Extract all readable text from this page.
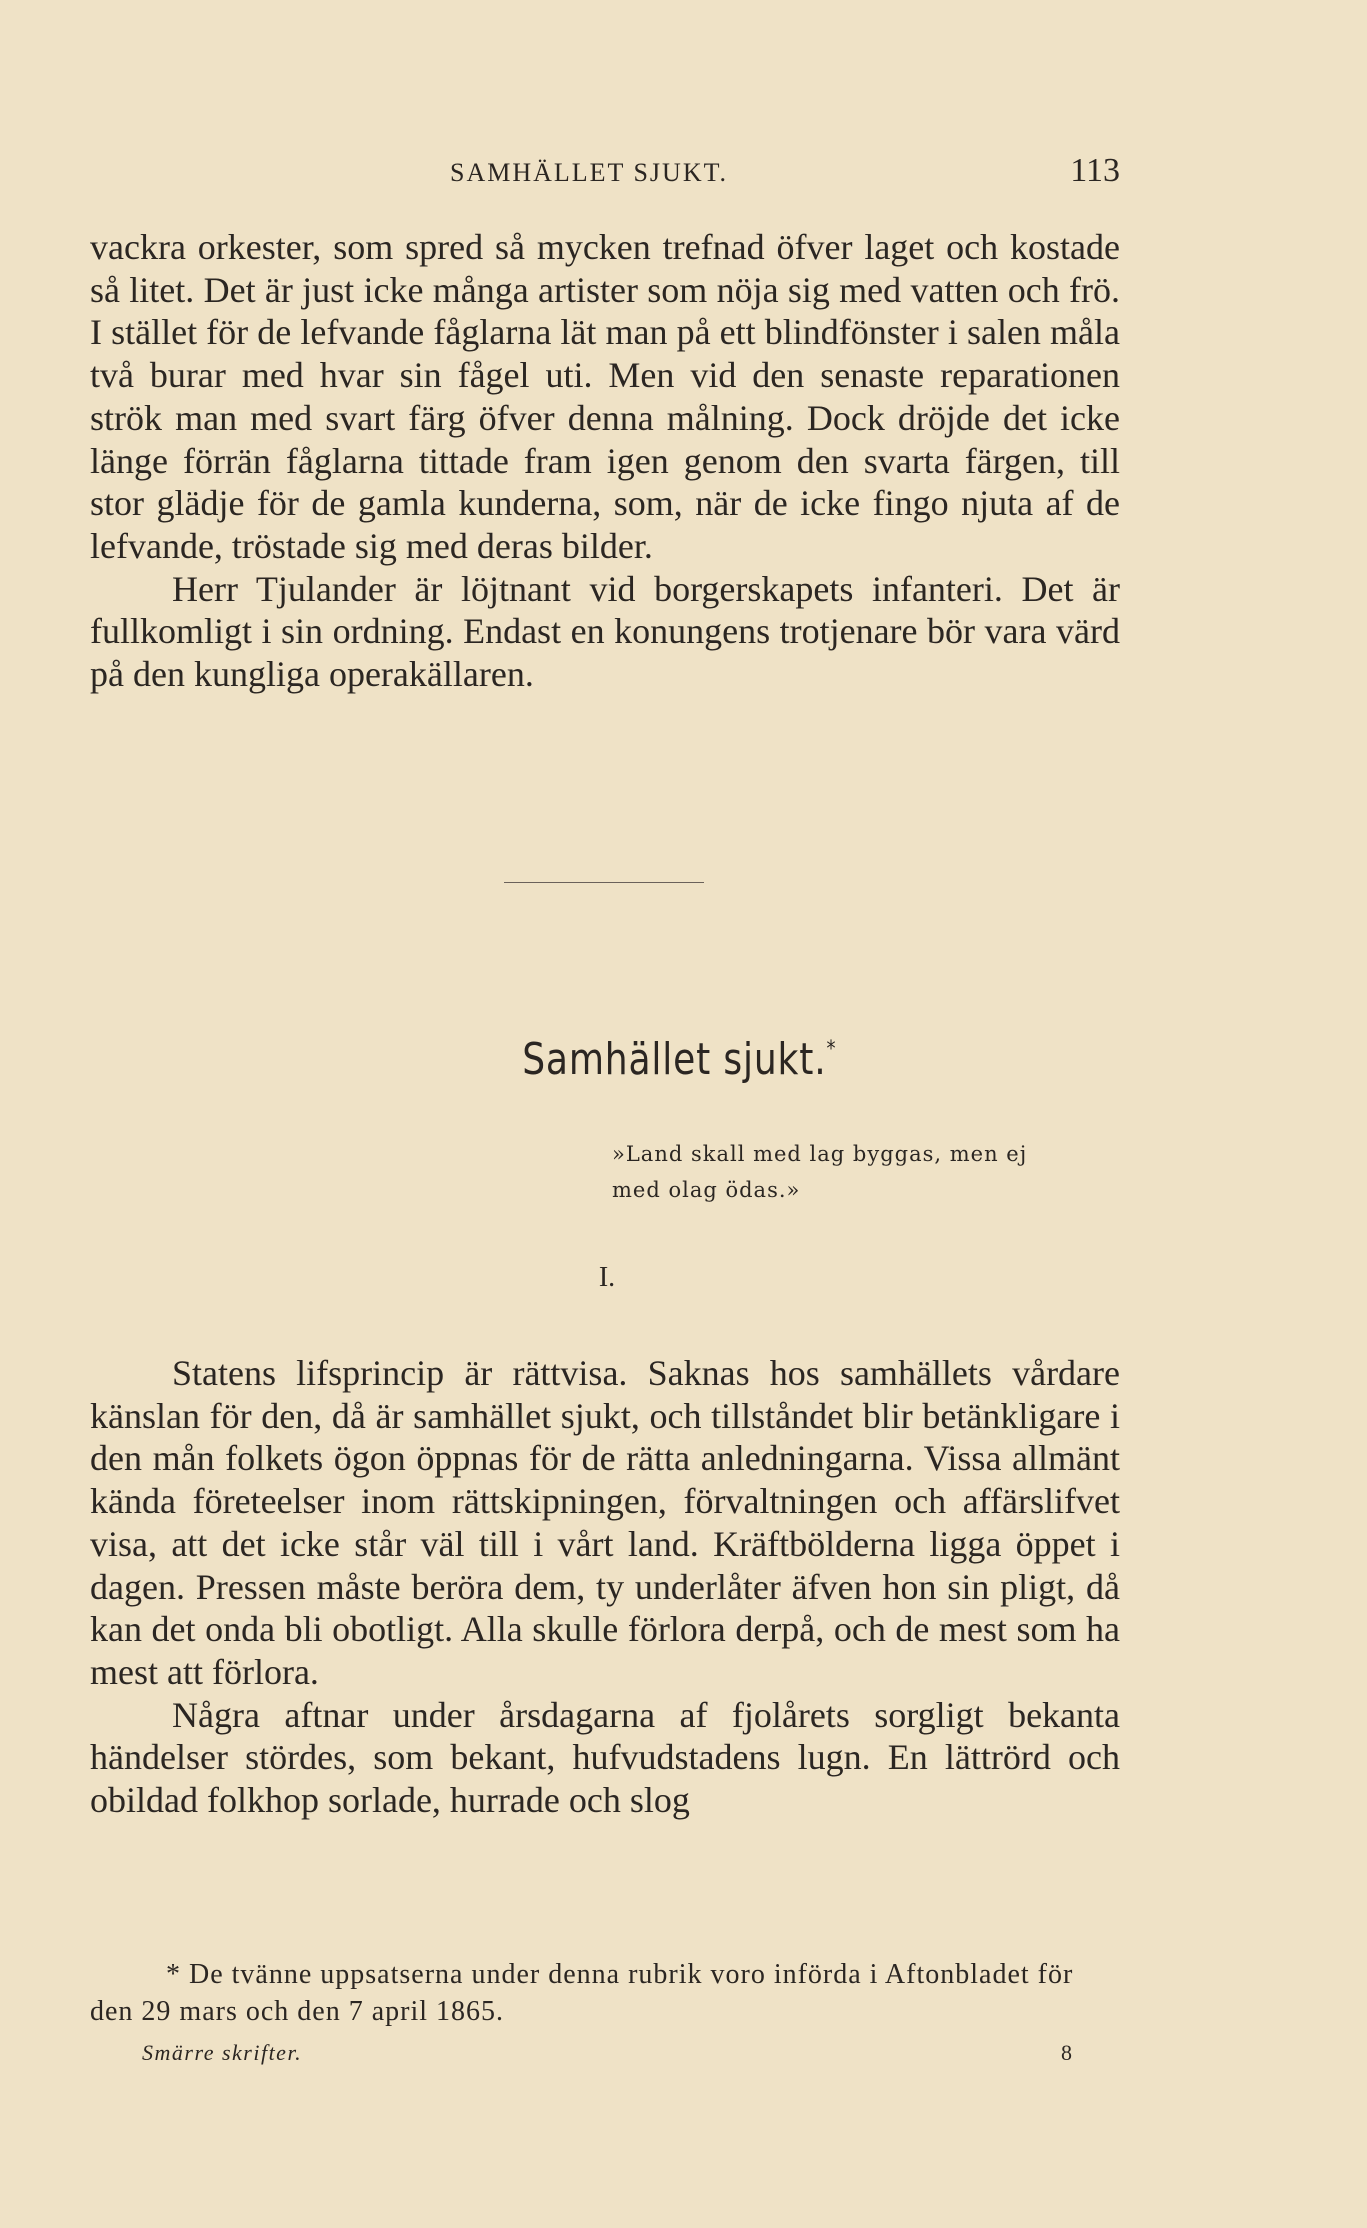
SAMHÄLLET SJUKT.	113

vackra orkester, som spred så mycken trefnad öfver laget och kostade så litet. Det är just icke många artister som nöja sig med vatten och frö. I stället för de lefvande fåglarna lät man på ett blindfönster i salen måla två burar med hvar sin fågel uti. Men vid den senaste reparationen strök man med svart färg öfver denna målning. Dock dröjde det icke länge förrän fåglarna tittade fram igen genom den svarta färgen, till stor glädje för de gamla kunderna, som, när de icke fingo njuta af de lefvande, tröstade sig med deras bilder.

Herr Tjulander är löjtnant vid borgerskapets infanteri. Det är fullkomligt i sin ordning. Endast en konungens trotjenare bör vara värd på den kungliga operakällaren.

Samhället sjukt.*

»Land skall med lag byggas, men ej

med olag ödas.»

I.

Statens lifsprincip är rättvisa. Saknas hos samhällets vårdare känslan för den, då är samhället sjukt, och tillståndet blir betänkligare i den mån folkets ögon öppnas för de rätta anledningarna. Vissa allmänt kända företeelser inom rättskipningen, förvaltningen och affärslifvet visa, att det icke står väl till i vårt land. Kräftbölderna ligga öppet i dagen. Pressen måste beröra dem, ty underlåter äfven hon sin pligt, då kan det onda bli obotligt. Alla skulle förlora derpå, och de mest som ha mest att förlora.

Några aftnar under årsdagarna af fjolårets sorgligt bekanta händelser stördes, som bekant, hufvudstadens lugn. En lättrörd och obildad folkhop sorlade, hurrade och slog

* De tvänne uppsatserna under denna rubrik voro införda i Aftonbladet för den 29 mars och den 7 april 1865.

Smärre skrifter.	8
